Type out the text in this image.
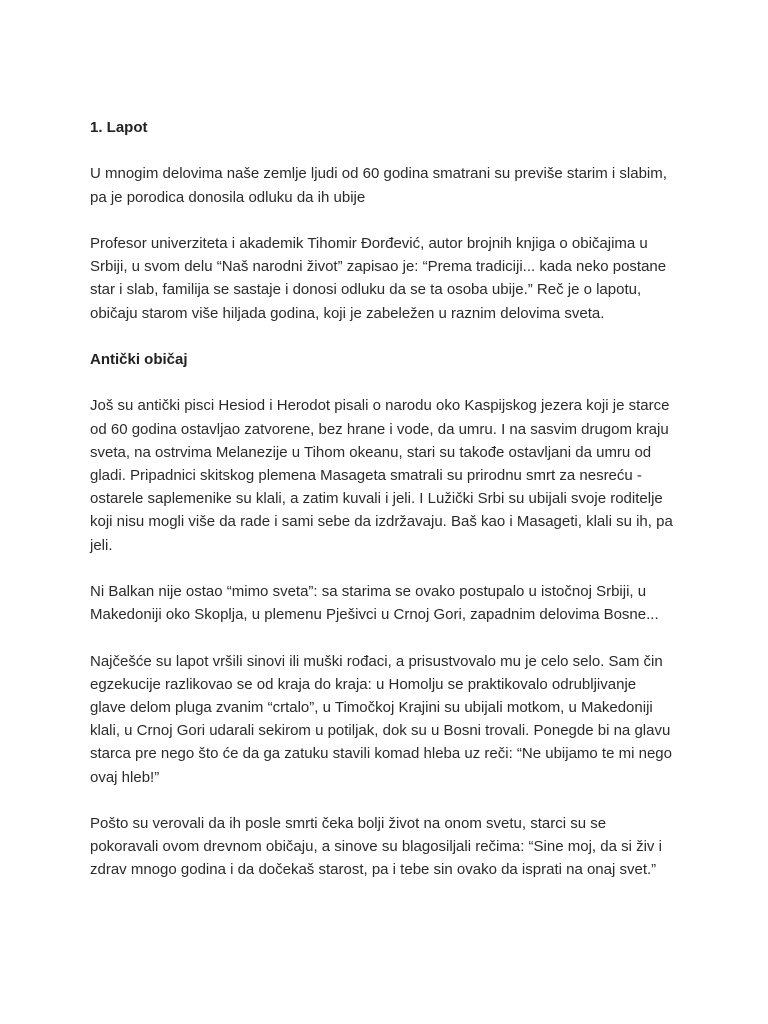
1. Lapot
U mnogim delovima naše zemlje ljudi od 60 godina smatrani su previše starim i slabim,
pa je porodica donosila odluku da ih ubije
Profesor univerziteta i akademik Tihomir Đorđević, autor brojnih knjiga o običajima u
Srbiji, u svom delu “Naš narodni život” zapisao je: “Prema tradiciji... kada neko postane
star i slab, familija se sastaje i donosi odluku da se ta osoba ubije.” Reč je o lapotu,
običaju starom više hiljada godina, koji je zabeležen u raznim delovima sveta.
Antički običaj
Još su antički pisci Hesiod i Herodot pisali o narodu oko Kaspijskog jezera koji je starce
od 60 godina ostavljao zatvorene, bez hrane i vode, da umru. I na sasvim drugom kraju
sveta, na ostrvima Melanezije u Tihom okeanu, stari su takođe ostavljani da umru od
gladi. Pripadnici skitskog plemena Masageta smatrali su prirodnu smrt za nesreću -
ostarele saplemenike su klali, a zatim kuvali i jeli. I Lužički Srbi su ubijali svoje roditelje
koji nisu mogli više da rade i sami sebe da izdržavaju. Baš kao i Masageti, klali su ih, pa
jeli.
Ni Balkan nije ostao “mimo sveta”: sa starima se ovako postupalo u istočnoj Srbiji, u
Makedoniji oko Skoplja, u plemenu Pješivci u Crnoj Gori, zapadnim delovima Bosne...
Najčešće su lapot vršili sinovi ili muški rođaci, a prisustvovalo mu je celo selo. Sam čin
egzekucije razlikovao se od kraja do kraja: u Homolju se praktikovalo odrubljivanje
glave delom pluga zvanim “crtalo”, u Timočkoj Krajini su ubijali motkom, u Makedoniji
klali, u Crnoj Gori udarali sekirom u potiljak, dok su u Bosni trovali. Ponegde bi na glavu
starca pre nego što će da ga zatuku stavili komad hleba uz reči: “Ne ubijamo te mi nego
ovaj hleb!”
Pošto su verovali da ih posle smrti čeka bolji život na onom svetu, starci su se
pokoravali ovom drevnom običaju, a sinove su blagosiljali rečima: “Sine moj, da si živ i
zdrav mnogo godina i da dočekaš starost, pa i tebe sin ovako da isprati na onaj svet.”
